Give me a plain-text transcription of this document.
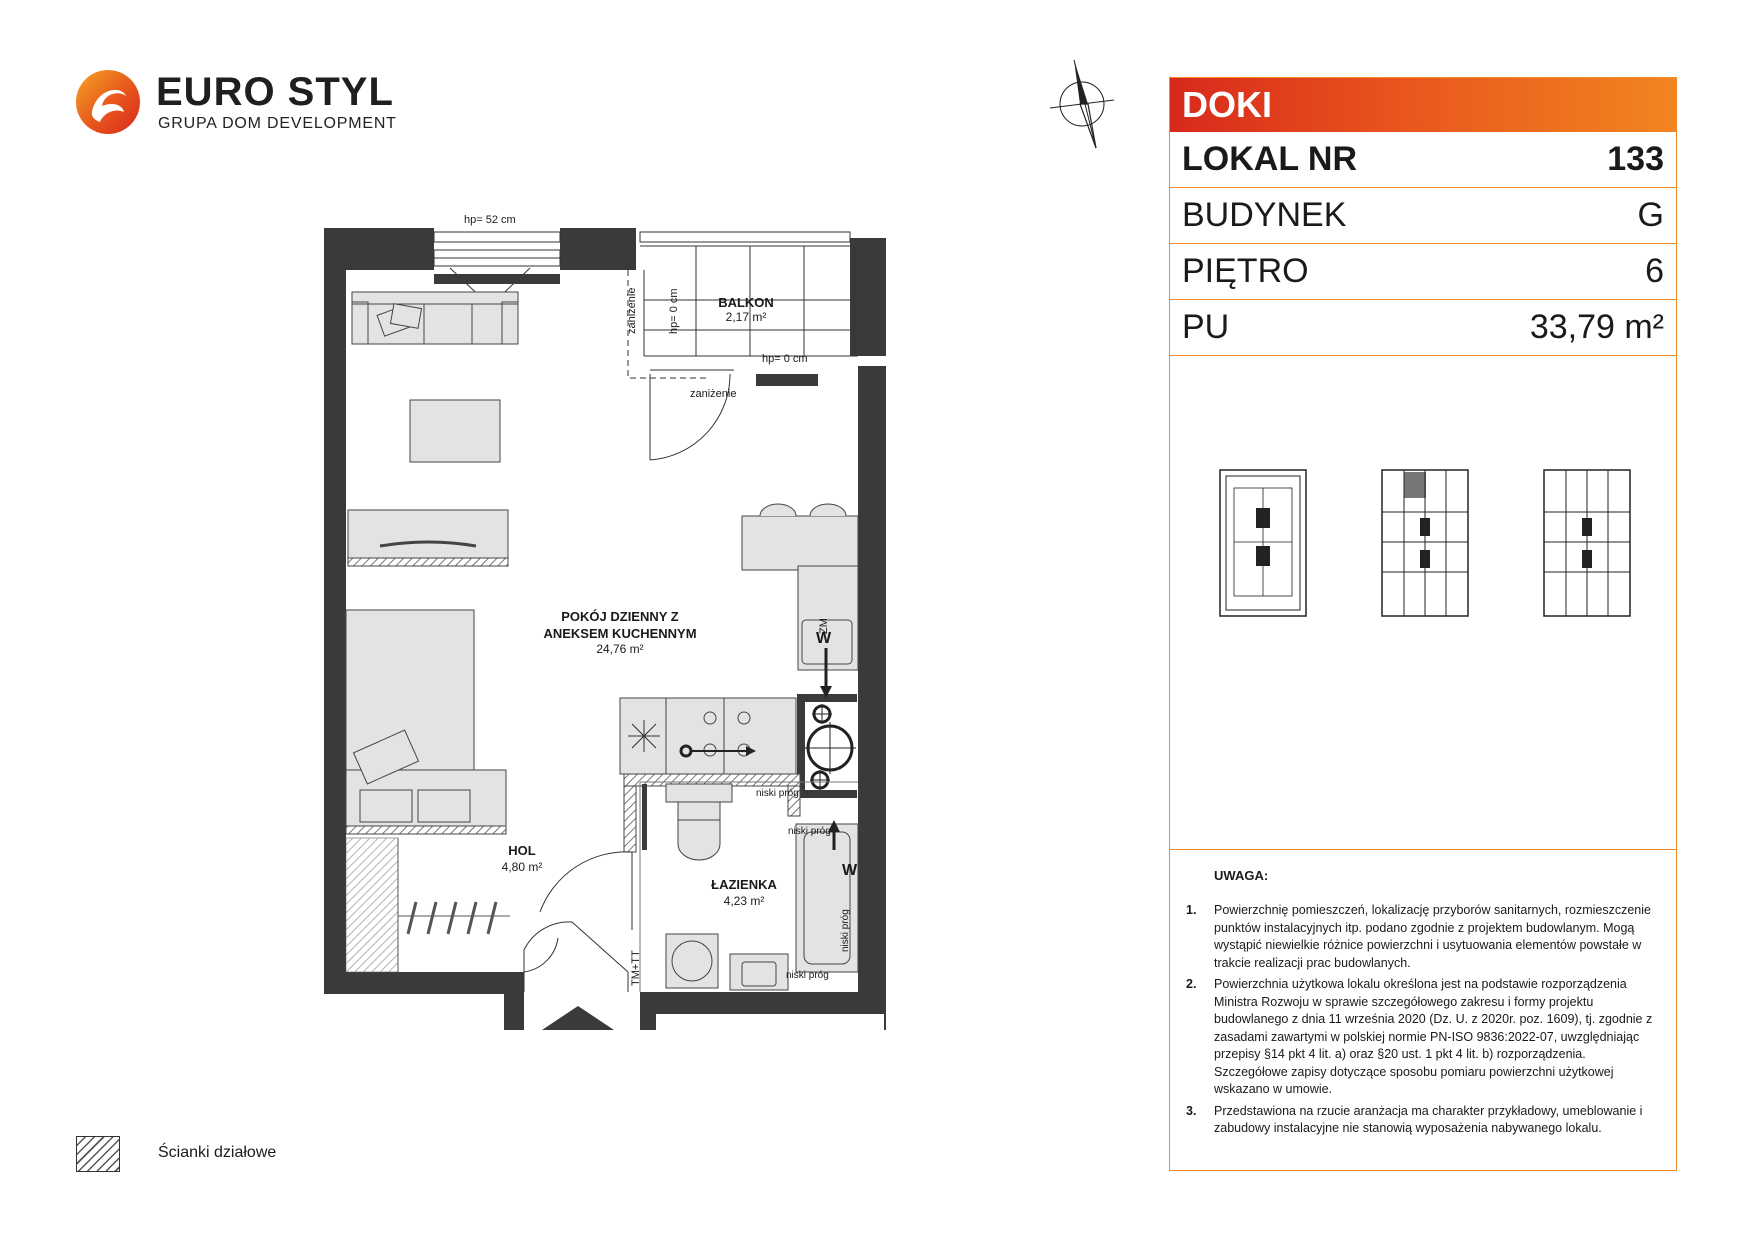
EURO STYL
GRUPA DOM DEVELOPMENT
hp= 52 cm
BALKON
2,17 m²
hp= 0 cm
zaniżenie
hp= 0 cm
zaniżenie
POKÓJ DZIENNY Z
ANEKSEM KUCHENNYM
24,76 m²
HOL
4,80 m²
ŁAZIENKA
4,23 m²
ZM
W
W
niski próg
niski próg
niski próg
niski próg
TM+TT
DOKI
LOKAL NR	133
BUDYNEK	G
PIĘTRO	6
PU	33,79 m²
UWAGA:
1. Powierzchnię pomieszczeń, lokalizację przyborów sanitarnych, rozmieszczenie punktów instalacyjnych itp. podano zgodnie z projektem budowlanym. Mogą wystąpić niewielkie różnice powierzchni i usytuowania elementów powstałe w trakcie realizacji prac budowlanych.
2. Powierzchnia użytkowa lokalu określona jest na podstawie rozporządzenia Ministra Rozwoju w sprawie szczegółowego zakresu i formy projektu budowlanego z dnia 11 września 2020 (Dz. U. z 2020r. poz. 1609), tj. zgodnie z zasadami zawartymi w polskiej normie PN-ISO 9836:2022-07, uwzględniając przepisy §14 pkt 4 lit. a) oraz §20 ust. 1 pkt 4 lit. b) rozporządzenia. Szczegółowe zapisy dotyczące sposobu pomiaru powierzchni użytkowej wskazano w umowie.
3. Przedstawiona na rzucie aranżacja ma charakter przykładowy, umeblowanie i zabudowy instalacyjne nie stanowią wyposażenia nabywanego lokalu.
Ścianki działowe
